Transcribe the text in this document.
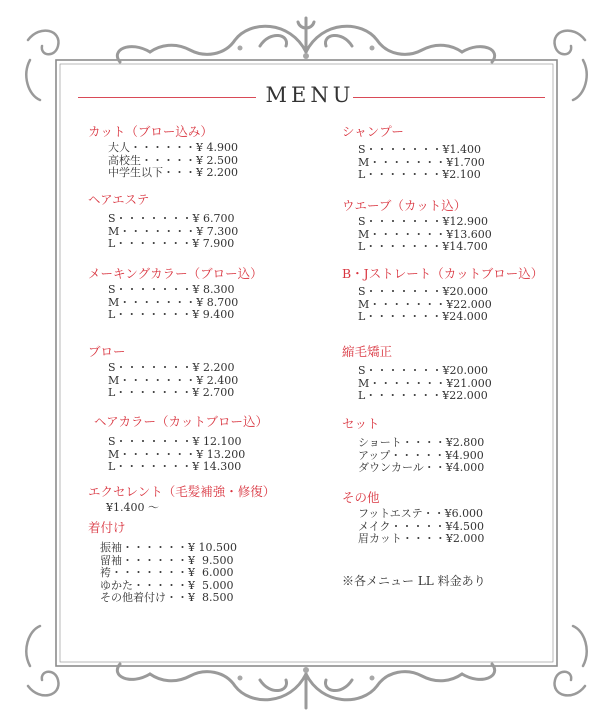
MENU
カット（ブロー込み）
大人・・・・・・¥ 4.900
高校生・・・・・¥ 2.500
中学生以下・・・¥ 2.200
ヘアエステ
S・・・・・・・¥ 6.700
M・・・・・・・¥ 7.300
L・・・・・・・¥ 7.900
メーキングカラー（ブロー込）
S・・・・・・・¥ 8.300
M・・・・・・・¥ 8.700
L・・・・・・・¥ 9.400
ブロー
S・・・・・・・¥ 2.200
M・・・・・・・¥ 2.400
L・・・・・・・¥ 2.700
ヘアカラー（カットブロー込）
S・・・・・・・¥ 12.100
M・・・・・・・¥ 13.200
L・・・・・・・¥ 14.300
エクセレント（毛髪補強・修復）
¥1.400 ～
着付け
振袖・・・・・・¥ 10.500
留袖・・・・・・¥  9.500
袴・・・・・・・¥  6.000
ゆかた・・・・・¥  5.000
その他着付け・・¥  8.500
シャンプー
S・・・・・・・¥1.400
M・・・・・・・¥1.700
L・・・・・・・¥2.100
ウエーブ（カット込）
S・・・・・・・¥12.900
M・・・・・・・¥13.600
L・・・・・・・¥14.700
B・Jストレート（カットブロー込）
S・・・・・・・¥20.000
M・・・・・・・¥22.000
L・・・・・・・¥24.000
縮毛矯正
S・・・・・・・¥20.000
M・・・・・・・¥21.000
L・・・・・・・¥22.000
セット
ショート・・・・¥2.800
アップ・・・・・¥4.900
ダウンカール・・¥4.000
その他
フットエステ・・¥6.000
メイク・・・・・¥4.500
眉カット・・・・¥2.000
※各メニュー LL 料金あり
